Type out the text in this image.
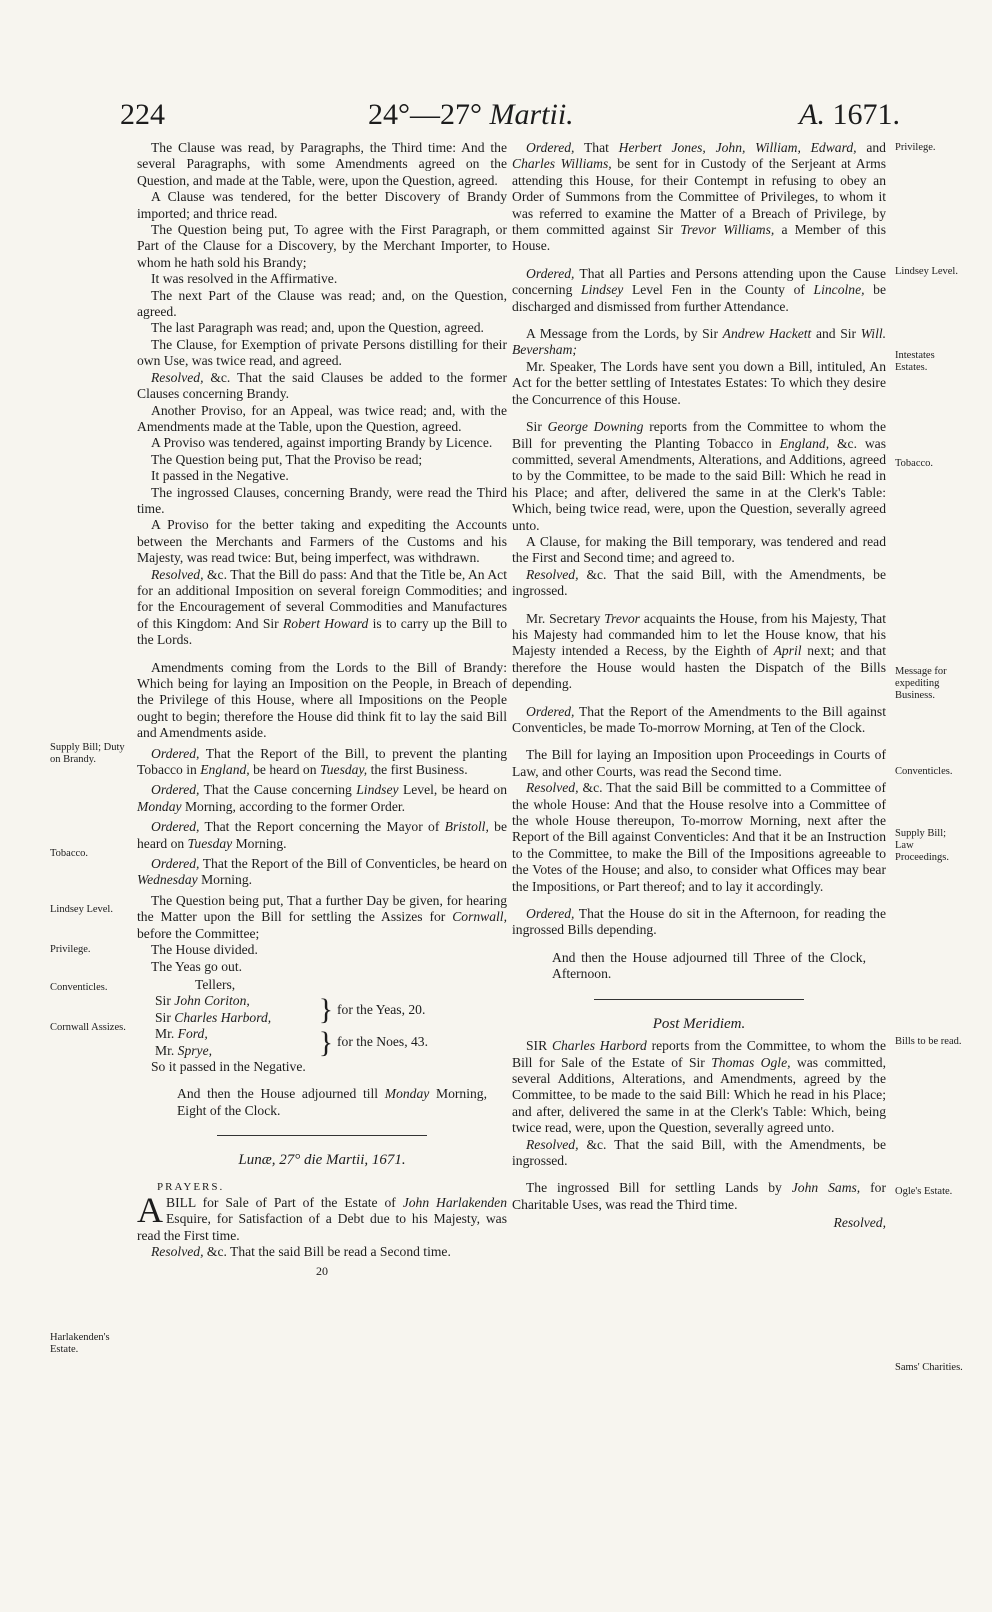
224	24°—27° Martii.	A. 1671.

The Clause was read, by Paragraphs, the Third time: And the several Paragraphs, with some Amendments agreed on the Question, and made at the Table, were, upon the Question, agreed.

A Clause was tendered, for the better Discovery of Brandy imported; and thrice read.

The Question being put, To agree with the First Paragraph, or Part of the Clause for a Discovery, by the Merchant Importer, to whom he hath sold his Brandy;

It was resolved in the Affirmative.

The next Part of the Clause was read; and, on the Question, agreed.

The last Paragraph was read; and, upon the Question, agreed.

The Clause, for Exemption of private Persons distilling for their own Use, was twice read, and agreed.

Resolved, &c. That the said Clauses be added to the former Clauses concerning Brandy.

Another Proviso, for an Appeal, was twice read; and, with the Amendments made at the Table, upon the Question, agreed.

A Proviso was tendered, against importing Brandy by Licence.

The Question being put, That the Proviso be read;

It passed in the Negative.

The ingrossed Clauses, concerning Brandy, were read the Third time.

A Proviso for the better taking and expediting the Accounts between the Merchants and Farmers of the Customs and his Majesty, was read twice: But, being imperfect, was withdrawn.

Resolved, &c. That the Bill do pass: And that the Title be, An Act for an additional Imposition on several foreign Commodities; and for the Encouragement of several Commodities and Manufactures of this Kingdom: And Sir Robert Howard is to carry up the Bill to the Lords.

Amendments coming from the Lords to the Bill of Brandy: Which being for laying an Imposition on the People, in Breach of the Privilege of this House, where all Impositions on the People ought to begin; therefore the House did think fit to lay the said Bill and Amendments aside.

Ordered, That the Report of the Bill, to prevent the planting Tobacco in England, be heard on Tuesday, the first Business.

Ordered, That the Cause concerning Lindsey Level, be heard on Monday Morning, according to the former Order.

Ordered, That the Report concerning the Mayor of Bristoll, be heard on Tuesday Morning.

Ordered, That the Report of the Bill of Conventicles, be heard on Wednesday Morning.

The Question being put, That a further Day be given, for hearing the Matter upon the Bill for settling the Assizes for Cornwall, before the Committee;

The House divided.

The Yeas go out.

Tellers,
Sir John Coriton,
Sir Charles Harbord,	} for the Yeas, 20.
Mr. Ford,
Mr. Sprye,	} for the Noes, 43.

So it passed in the Negative.

And then the House adjourned till Monday Morning, Eight of the Clock.

Lunæ, 27° die Martii, 1671.
PRAYERS.

ABILL for Sale of Part of the Estate of John Harlakenden Esquire, for Satisfaction of a Debt due to his Majesty, was read the First time.

Resolved, &c. That the said Bill be read a Second time.

20

Ordered, That Herbert Jones, John, William, Edward, and Charles Williams, be sent for in Custody of the Serjeant at Arms attending this House, for their Contempt in refusing to obey an Order of Summons from the Committee of Privileges, to whom it was referred to examine the Matter of a Breach of Privilege, by them committed against Sir Trevor Williams, a Member of this House.

Ordered, That all Parties and Persons attending upon the Cause concerning Lindsey Level Fen in the County of Lincolne, be discharged and dismissed from further Attendance.

A Message from the Lords, by Sir Andrew Hackett and Sir Will. Beversham;

Mr. Speaker, The Lords have sent you down a Bill, intituled, An Act for the better settling of Intestates Estates: To which they desire the Concurrence of this House.

Sir George Downing reports from the Committee to whom the Bill for preventing the Planting Tobacco in England, &c. was committed, several Amendments, Alterations, and Additions, agreed to by the Committee, to be made to the said Bill: Which he read in his Place; and after, delivered the same in at the Clerk's Table: Which, being twice read, were, upon the Question, severally agreed unto.

A Clause, for making the Bill temporary, was tendered and read the First and Second time; and agreed to.

Resolved, &c. That the said Bill, with the Amendments, be ingrossed.

Mr. Secretary Trevor acquaints the House, from his Majesty, That his Majesty had commanded him to let the House know, that his Majesty intended a Recess, by the Eighth of April next; and that therefore the House would hasten the Dispatch of the Bills depending.

Ordered, That the Report of the Amendments to the Bill against Conventicles, be made To-morrow Morning, at Ten of the Clock.

The Bill for laying an Imposition upon Proceedings in Courts of Law, and other Courts, was read the Second time.

Resolved, &c. That the said Bill be committed to a Committee of the whole House: And that the House resolve into a Committee of the whole House thereupon, To-morrow Morning, next after the Report of the Bill against Conventicles: And that it be an Instruction to the Committee, to make the Bill of the Impositions agreeable to the Votes of the House; and also, to consider what Offices may bear the Impositions, or Part thereof; and to lay it accordingly.

Ordered, That the House do sit in the Afternoon, for reading the ingrossed Bills depending.

And then the House adjourned till Three of the Clock, Afternoon.

Post Meridiem.

SIR Charles Harbord reports from the Committee, to whom the Bill for Sale of the Estate of Sir Thomas Ogle, was committed, several Additions, Alterations, and Amendments, agreed by the Committee, to be made to the said Bill: Which he read in his Place; and after, delivered the same in at the Clerk's Table: Which, being twice read, were, upon the Question, severally agreed unto.

Resolved, &c. That the said Bill, with the Amendments, be ingrossed.

The ingrossed Bill for settling Lands by John Sams, for Charitable Uses, was read the Third time.

Resolved,
Supply Bill; Duty on Brandy.
Tobacco.
Lindsey Level.
Privilege.
Conventicles.
Cornwall Assizes.
Harlakenden's Estate.
Privilege.
Lindsey Level.
Intestates Estates.
Tobacco.
Message for expediting Business.
Conventicles.
Supply Bill; Law Proceedings.
Bills to be read.
Ogle's Estate.
Sams' Charities.
